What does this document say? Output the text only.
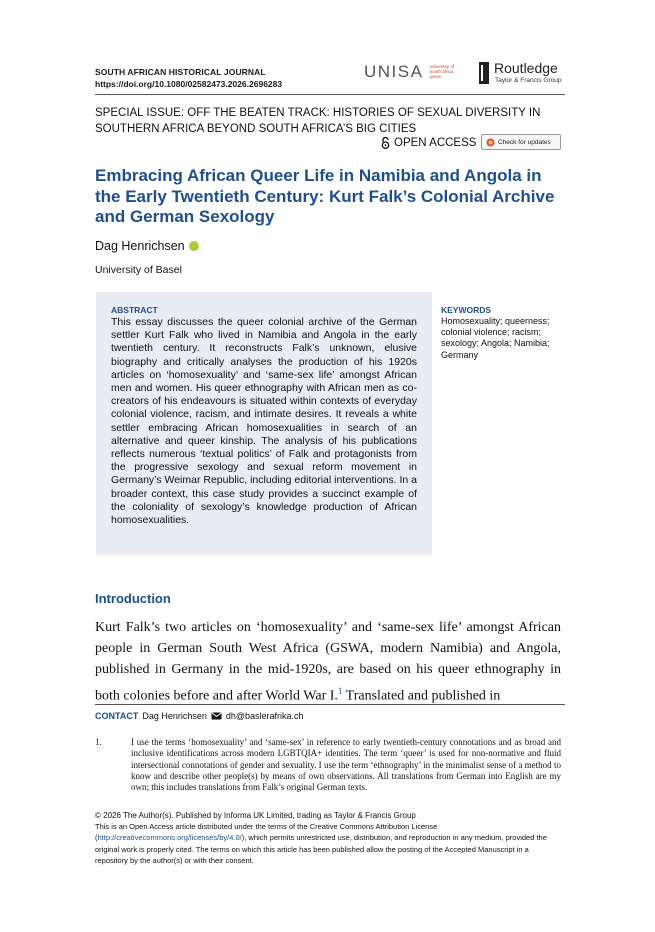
SOUTH AFRICAN HISTORICAL JOURNAL
https://doi.org/10.1080/02582473.2026.2696283
UNISA university of south africa press
Routledge
Taylor & Francis Group
SPECIAL ISSUE: OFF THE BEATEN TRACK: HISTORIES OF SEXUAL DIVERSITY IN SOUTHERN AFRICA BEYOND SOUTH AFRICA’S BIG CITIES
OPEN ACCESS	Check for updates
Embracing African Queer Life in Namibia and Angola in the Early Twentieth Century: Kurt Falk’s Colonial Archive and German Sexology
Dag Henrichsen
University of Basel
ABSTRACT
This essay discusses the queer colonial archive of the German settler Kurt Falk who lived in Namibia and Angola in the early twentieth century. It reconstructs Falk’s unknown, elusive biography and critically analyses the production of his 1920s articles on ‘homosexuality’ and ‘same-sex life’ amongst African men and women. His queer ethnography with African men as co-creators of his endeavours is situated within contexts of everyday colonial violence, racism, and intimate desires. It reveals a white settler embracing African homosexualities in search of an alternative and queer kinship. The analysis of his publications reflects numerous ‘textual politics’ of Falk and protagonists from the progressive sexology and sexual reform movement in Germany’s Weimar Republic, including editorial interventions. In a broader context, this case study provides a succinct example of the coloniality of sexology’s knowledge production of African homosexualities.
KEYWORDS
Homosexuality; queerness; colonial violence; racism; sexology; Angola; Namibia; Germany
Introduction
Kurt Falk’s two articles on ‘homosexuality’ and ‘same-sex life’ amongst African people in German South West Africa (GSWA, modern Namibia) and Angola, published in Germany in the mid-1920s, are based on his queer ethnography in both colonies before and after World War I.$^1$ Translated and published in
CONTACT Dag Henrichsen dh@baslerafrika.ch
1.	I use the terms ‘homosexuality’ and ‘same-sex’ in reference to early twentieth-century connotations and as broad and inclusive identifications across modern LGBTQIA+ identities. The term ‘queer’ is used for non-normative and fluid intersectional connotations of gender and sexuality. I use the term ‘ethnography’ in the minimalist sense of a method to know and describe other people(s) by means of own observations. All translations from German into English are my own; this includes translations from Falk’s original German texts.
© 2026 The Author(s). Published by Informa UK Limited, trading as Taylor & Francis Group
This is an Open Access article distributed under the terms of the Creative Commons Attribution License (http://creativecommons.org/licenses/by/4.0/), which permits unrestricted use, distribution, and reproduction in any medium, provided the original work is properly cited. The terms on which this article has been published allow the posting of the Accepted Manuscript in a repository by the author(s) or with their consent.
